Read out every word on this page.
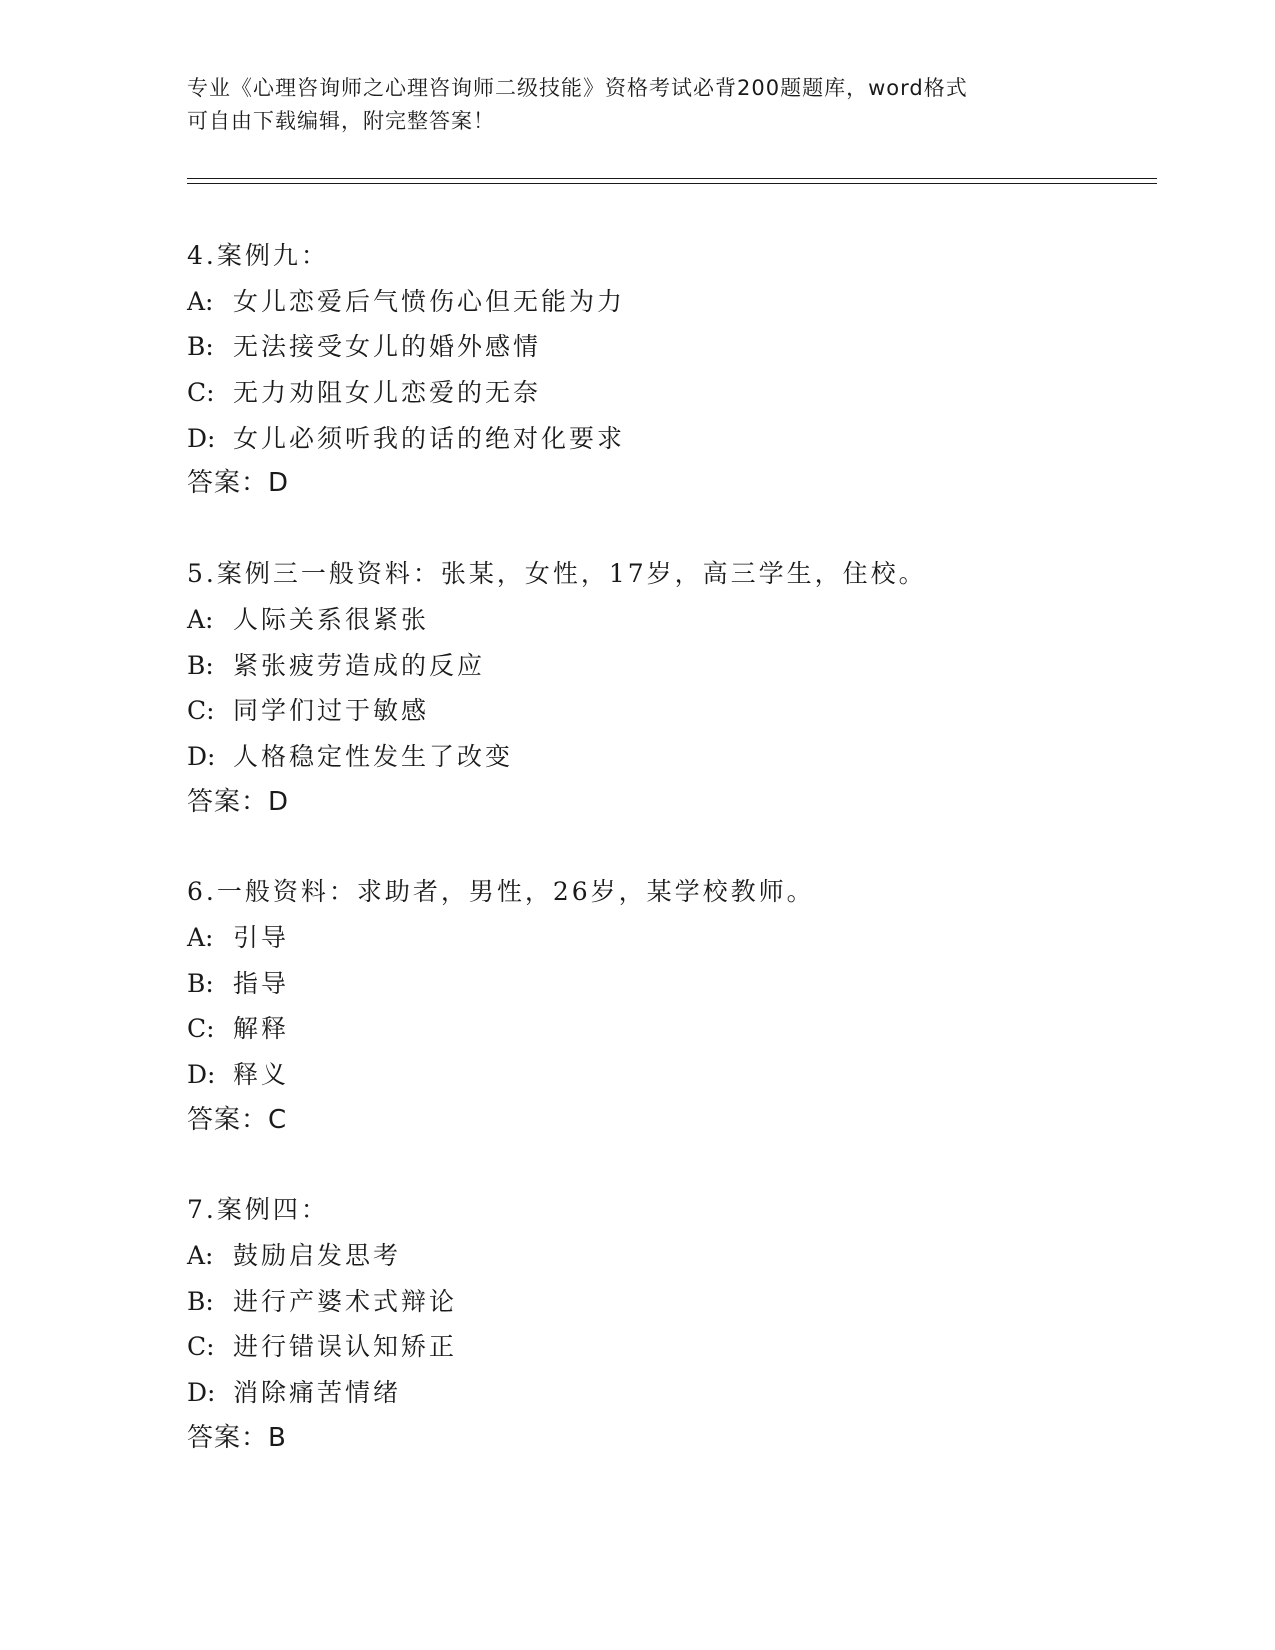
专业《心理咨询师之心理咨询师二级技能》资格考试必背200题题库，word格式
可自由下载编辑，附完整答案！
4.案例九：
A: 女儿恋爱后气愤伤心但无能为力
B: 无法接受女儿的婚外感情
C: 无力劝阻女儿恋爱的无奈
D: 女儿必须听我的话的绝对化要求
答案：D
5.案例三一般资料：张某，女性，17岁，高三学生，住校。
A: 人际关系很紧张
B: 紧张疲劳造成的反应
C: 同学们过于敏感
D: 人格稳定性发生了改变
答案：D
6.一般资料：求助者，男性，26岁，某学校教师。
A: 引导
B: 指导
C: 解释
D: 释义
答案：C
7.案例四：
A: 鼓励启发思考
B: 进行产婆术式辩论
C: 进行错误认知矫正
D: 消除痛苦情绪
答案：B
